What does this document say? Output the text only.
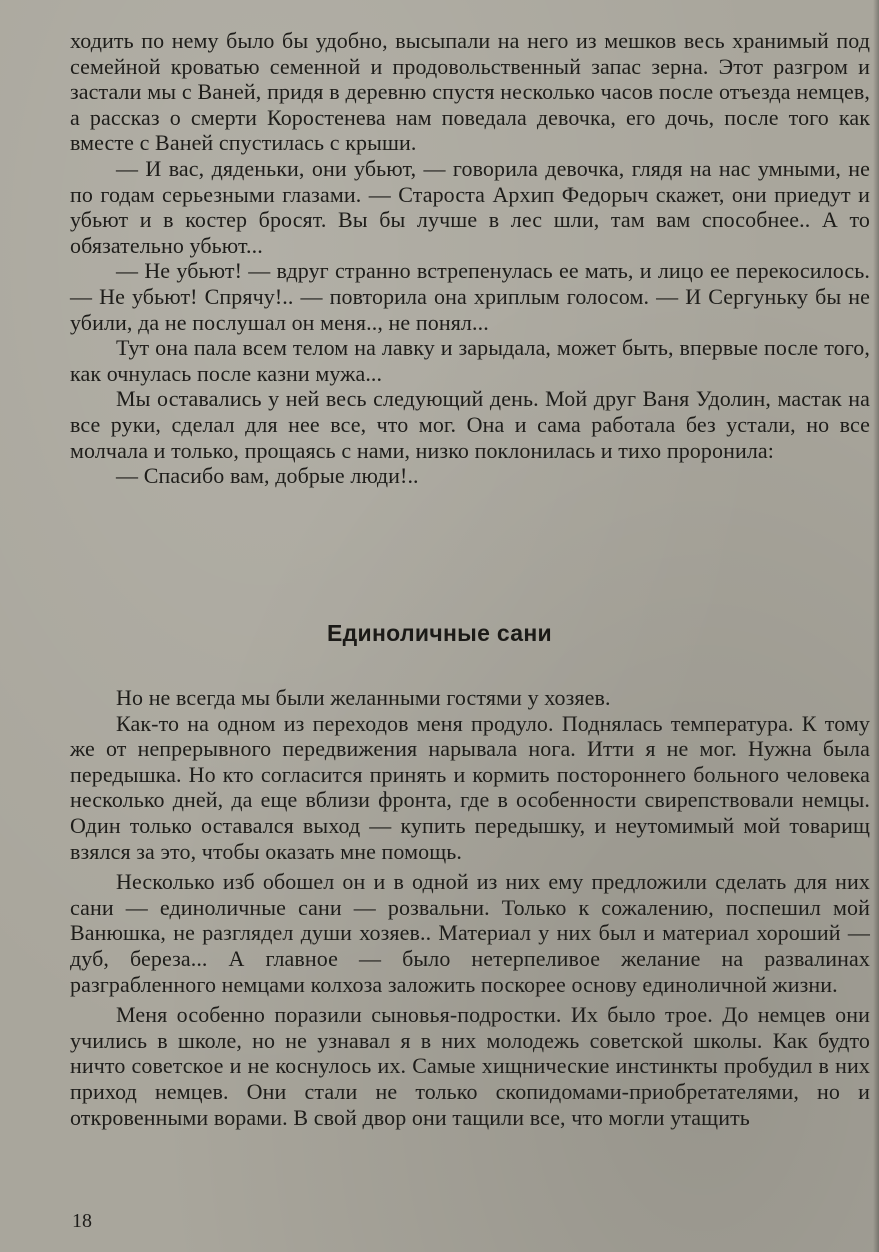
ходить по нему было бы удобно, высыпали на него из мешков весь хранимый под семейной кроватью семенной и продовольственный запас зерна. Этот разгром и застали мы с Ваней, придя в деревню спустя несколько часов после отъезда немцев, а рассказ о смерти Коростенева нам поведала девочка, его дочь, после того как вместе с Ваней спустилась с крыши.

— И вас, дяденьки, они убьют, — говорила девочка, глядя на нас умными, не по годам серьезными глазами. — Староста Архип Федорыч скажет, они приедут и убьют и в костер бросят. Вы бы лучше в лес шли, там вам способнее.. А то обязательно убьют...

— Не убьют! — вдруг странно встрепенулась ее мать, и лицо ее перекосилось. — Не убьют! Спрячу!.. — повторила она хриплым голосом. — И Сергуньку бы не убили, да не послушал он меня.., не понял...

Тут она пала всем телом на лавку и зарыдала, может быть, впервые после того, как очнулась после казни мужа...

Мы оставались у ней весь следующий день. Мой друг Ваня Удолин, мастак на все руки, сделал для нее все, что мог. Она и сама работала без устали, но все молчала и только, прощаясь с нами, низко поклонилась и тихо проронила:

— Спасибо вам, добрые люди!..

Единоличные сани

Но не всегда мы были желанными гостями у хозяев.

Как-то на одном из переходов меня продуло. Поднялась температура. К тому же от непрерывного передвижения нарывала нога. Итти я не мог. Нужна была передышка. Но кто согласится принять и кормить постороннего больного человека несколько дней, да еще вблизи фронта, где в особенности свирепствовали немцы. Один только оставался выход — купить передышку, и неутомимый мой товарищ взялся за это, чтобы оказать мне помощь.

Несколько изб обошел он и в одной из них ему предложили сделать для них сани — единоличные сани — розвальни. Только к сожалению, поспешил мой Ванюшка, не разглядел души хозяев.. Материал у них был и материал хороший — дуб, береза... А главное — было нетерпеливое желание на развалинах разграбленного немцами колхоза заложить поскорее основу единоличной жизни.

Меня особенно поразили сыновья-подростки. Их было трое. До немцев они учились в школе, но не узнавал я в них молодежь советской школы. Как будто ничто советское и не коснулось их. Самые хищнические инстинкты пробудил в них приход немцев. Они стали не только скопидомами-приобретателями, но и откровенными ворами. В свой двор они тащили все, что могли утащить

18
